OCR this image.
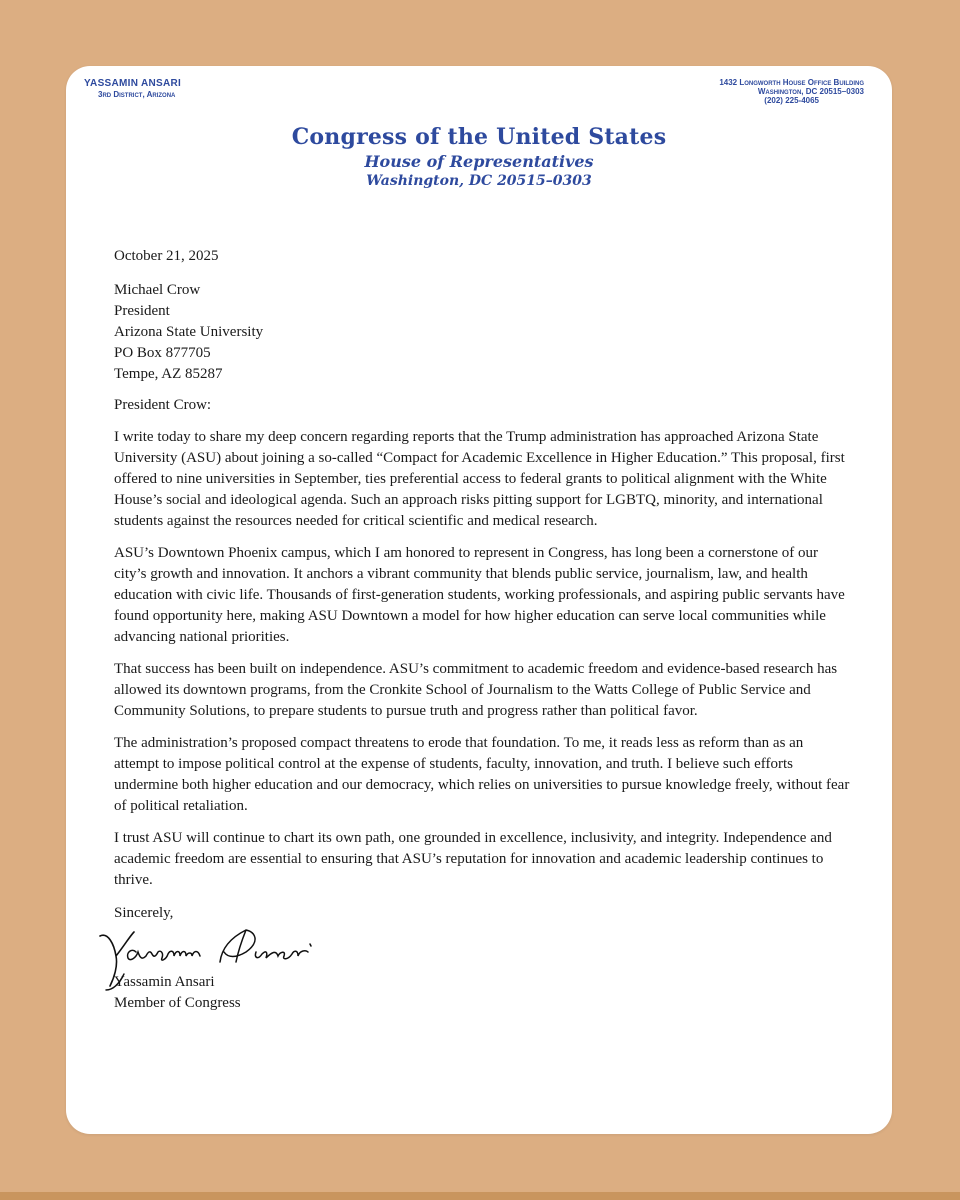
YASSAMIN ANSARI
3rd District, Arizona
1432 Longworth House Office Building
Washington, DC 20515–0303
(202) 225-4065
Congress of the United States
House of Representatives
Washington, DC 20515–0303

October 21, 2025

Michael Crow
President
Arizona State University
PO Box 877705
Tempe, AZ 85287

President Crow:

I write today to share my deep concern regarding reports that the Trump administration has approached Arizona State University (ASU) about joining a so-called “Compact for Academic Excellence in Higher Education.” This proposal, first offered to nine universities in September, ties preferential access to federal grants to political alignment with the White House’s social and ideological agenda. Such an approach risks pitting support for LGBTQ, minority, and international students against the resources needed for critical scientific and medical research.

ASU’s Downtown Phoenix campus, which I am honored to represent in Congress, has long been a cornerstone of our city’s growth and innovation. It anchors a vibrant community that blends public service, journalism, law, and health education with civic life. Thousands of first-generation students, working professionals, and aspiring public servants have found opportunity here, making ASU Downtown a model for how higher education can serve local communities while advancing national priorities.

That success has been built on independence. ASU’s commitment to academic freedom and evidence-based research has allowed its downtown programs, from the Cronkite School of Journalism to the Watts College of Public Service and Community Solutions, to prepare students to pursue truth and progress rather than political favor.

The administration’s proposed compact threatens to erode that foundation. To me, it reads less as reform than as an attempt to impose political control at the expense of students, faculty, innovation, and truth. I believe such efforts undermine both higher education and our democracy, which relies on universities to pursue knowledge freely, without fear of political retaliation.

I trust ASU will continue to chart its own path, one grounded in excellence, inclusivity, and integrity. Independence and academic freedom are essential to ensuring that ASU’s reputation for innovation and academic leadership continues to thrive.

Sincerely,

Yassamin Ansari
Member of Congress
